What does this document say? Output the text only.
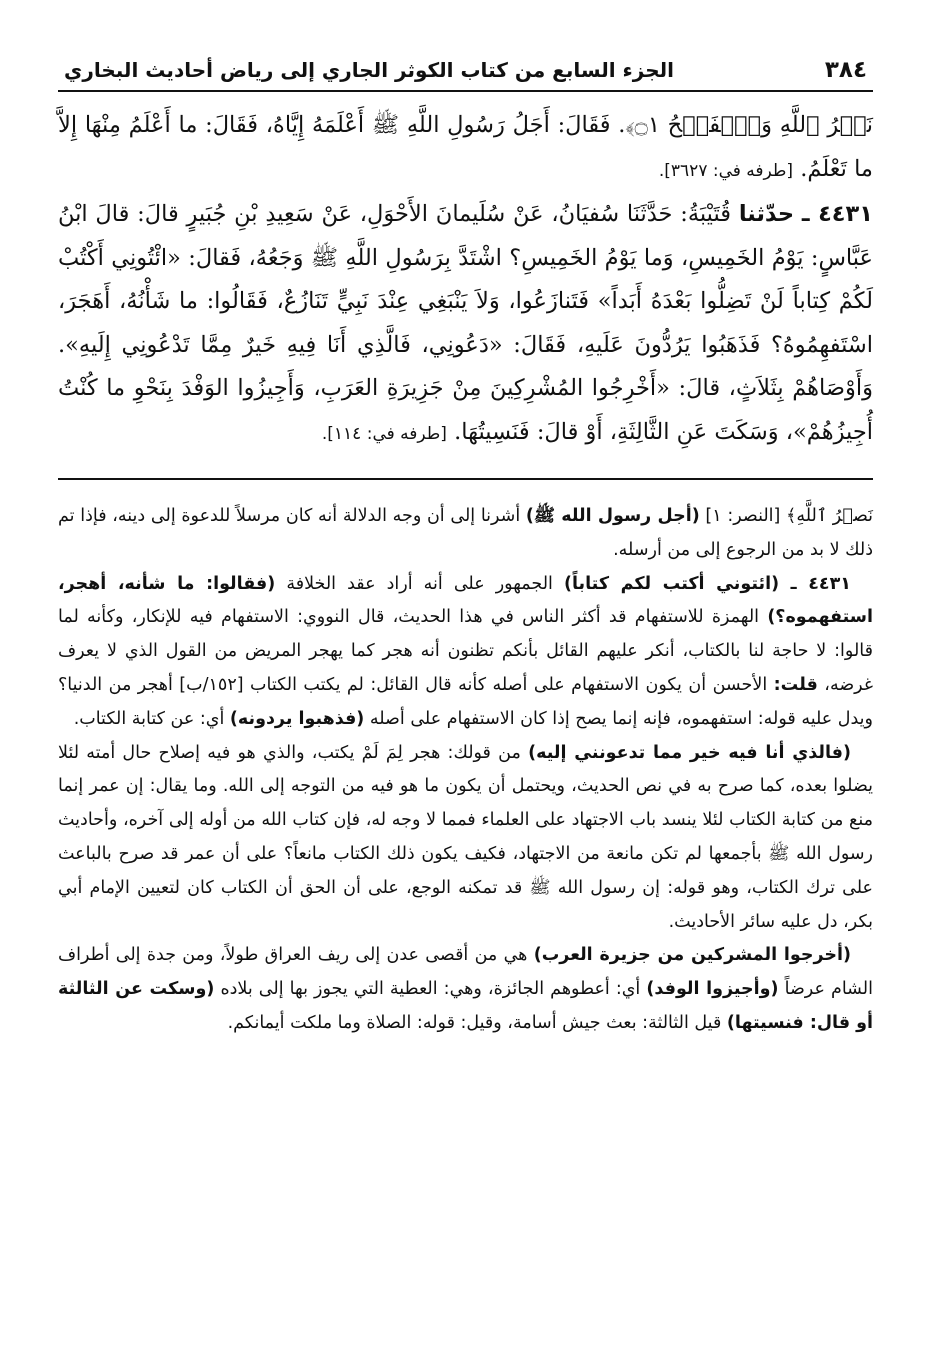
٣٨٤
الجزء السابع من كتاب الكوثر الجاري إلى رياض أحاديث البخاري

نَصۡرُ ٱللَّهِ وَٱلۡفَتۡحُ ۝١﴾. فَقَالَ: أَجَلُ رَسُولِ اللَّهِ ﷺ أَعْلَمَهُ إِيَّاهُ، فَقَالَ: ما أَعْلَمُ مِنْهَا إِلاَّ ما تَعْلَمُ. [طرفه في: ٣٦٢٧].

٤٤٣١ ـ حدّثنا قُتَيْبَةُ: حَدَّثَنَا سُفيَانُ، عَنْ سُلَيمانَ الأَحْوَلِ، عَنْ سَعِيدِ بْنِ جُبَيرٍ قالَ: قالَ ابْنُ عَبَّاسٍ: يَوْمُ الخَمِيسِ، وَما يَوْمُ الخَمِيسِ؟ اشْتَدَّ بِرَسُولِ اللَّهِ ﷺ وَجَعُهُ، فَقالَ: «ائْتُونِي أَكْتُبْ لَكُمْ كِتاباً لَنْ تَضِلُّوا بَعْدَهُ أَبَداً» فَتَنازَعُوا، وَلاَ يَنْبَغِي عِنْدَ نَبِيٍّ تَنَازُعٌ، فَقَالُوا: ما شَأْنُهُ، أَهَجَرَ، اسْتَفهِمُوهُ؟ فَذَهَبُوا يَرُدُّونَ عَلَيهِ، فَقَالَ: «دَعُونِي، فَالَّذِي أَنَا فِيهِ خَيرٌ مِمَّا تَدْعُونِي إِلَيهِ». وَأَوْصَاهُمْ بِثَلاَثٍ، قالَ: «أَخْرِجُوا المُشْرِكِينَ مِنْ جَزِيرَةِ العَرَبِ، وَأَجِيزُوا الوَفْدَ بِنَحْوِ ما كُنْتُ أُجِيزُهُمْ»، وَسَكَتَ عَنِ الثَّالِثَةِ، أَوْ قالَ: فَنَسِيتُهَا. [طرفه في: ١١٤].

نَصۡرُ ٱللَّهِ﴾ [النصر: ١] (أجل رسول الله ﷺ) أشرنا إلى أن وجه الدلالة أنه كان مرسلاً للدعوة إلى دينه، فإذا تم ذلك لا بد من الرجوع إلى من أرسله.

٤٤٣١ ـ (ائتوني أكتب لكم كتاباً) الجمهور على أنه أراد عقد الخلافة (فقالوا: ما شأنه، أهجر، استفهموه؟) الهمزة للاستفهام قد أكثر الناس في هذا الحديث، قال النووي: الاستفهام فيه للإنكار، وكأنه لما قالوا: لا حاجة لنا بالكتاب، أنكر عليهم القائل بأنكم تظنون أنه هجر كما يهجر المريض من القول الذي لا يعرف غرضه، قلت: الأحسن أن يكون الاستفهام على أصله كأنه قال القائل: لم يكتب الكتاب [١٥٢/ب] أهجر من الدنيا؟ ويدل عليه قوله: استفهموه، فإنه إنما يصح إذا كان الاستفهام على أصله (فذهبوا يردونه) أي: عن كتابة الكتاب.

(فالذي أنا فيه خير مما تدعونني إليه) من قولك: هجر لِمَ لَمْ يكتب، والذي هو فيه إصلاح حال أمته لئلا يضلوا بعده، كما صرح به في نص الحديث، ويحتمل أن يكون ما هو فيه من التوجه إلى الله. وما يقال: إن عمر إنما منع من كتابة الكتاب لئلا ينسد باب الاجتهاد على العلماء فمما لا وجه له، فإن كتاب الله من أوله إلى آخره، وأحاديث رسول الله ﷺ بأجمعها لم تكن مانعة من الاجتهاد، فكيف يكون ذلك الكتاب مانعاً؟ على أن عمر قد صرح بالباعث على ترك الكتاب، وهو قوله: إن رسول الله ﷺ قد تمكنه الوجع، على أن الحق أن الكتاب كان لتعيين الإمام أبي بكر، دل عليه سائر الأحاديث.

(أخرجوا المشركين من جزيرة العرب) هي من أقصى عدن إلى ريف العراق طولاً، ومن جدة إلى أطراف الشام عرضاً (وأجيزوا الوفد) أي: أعطوهم الجائزة، وهي: العطية التي يجوز بها إلى بلاده (وسكت عن الثالثة أو قال: فنسيتها) قيل الثالثة: بعث جيش أسامة، وقيل: قوله: الصلاة وما ملكت أيمانكم.
